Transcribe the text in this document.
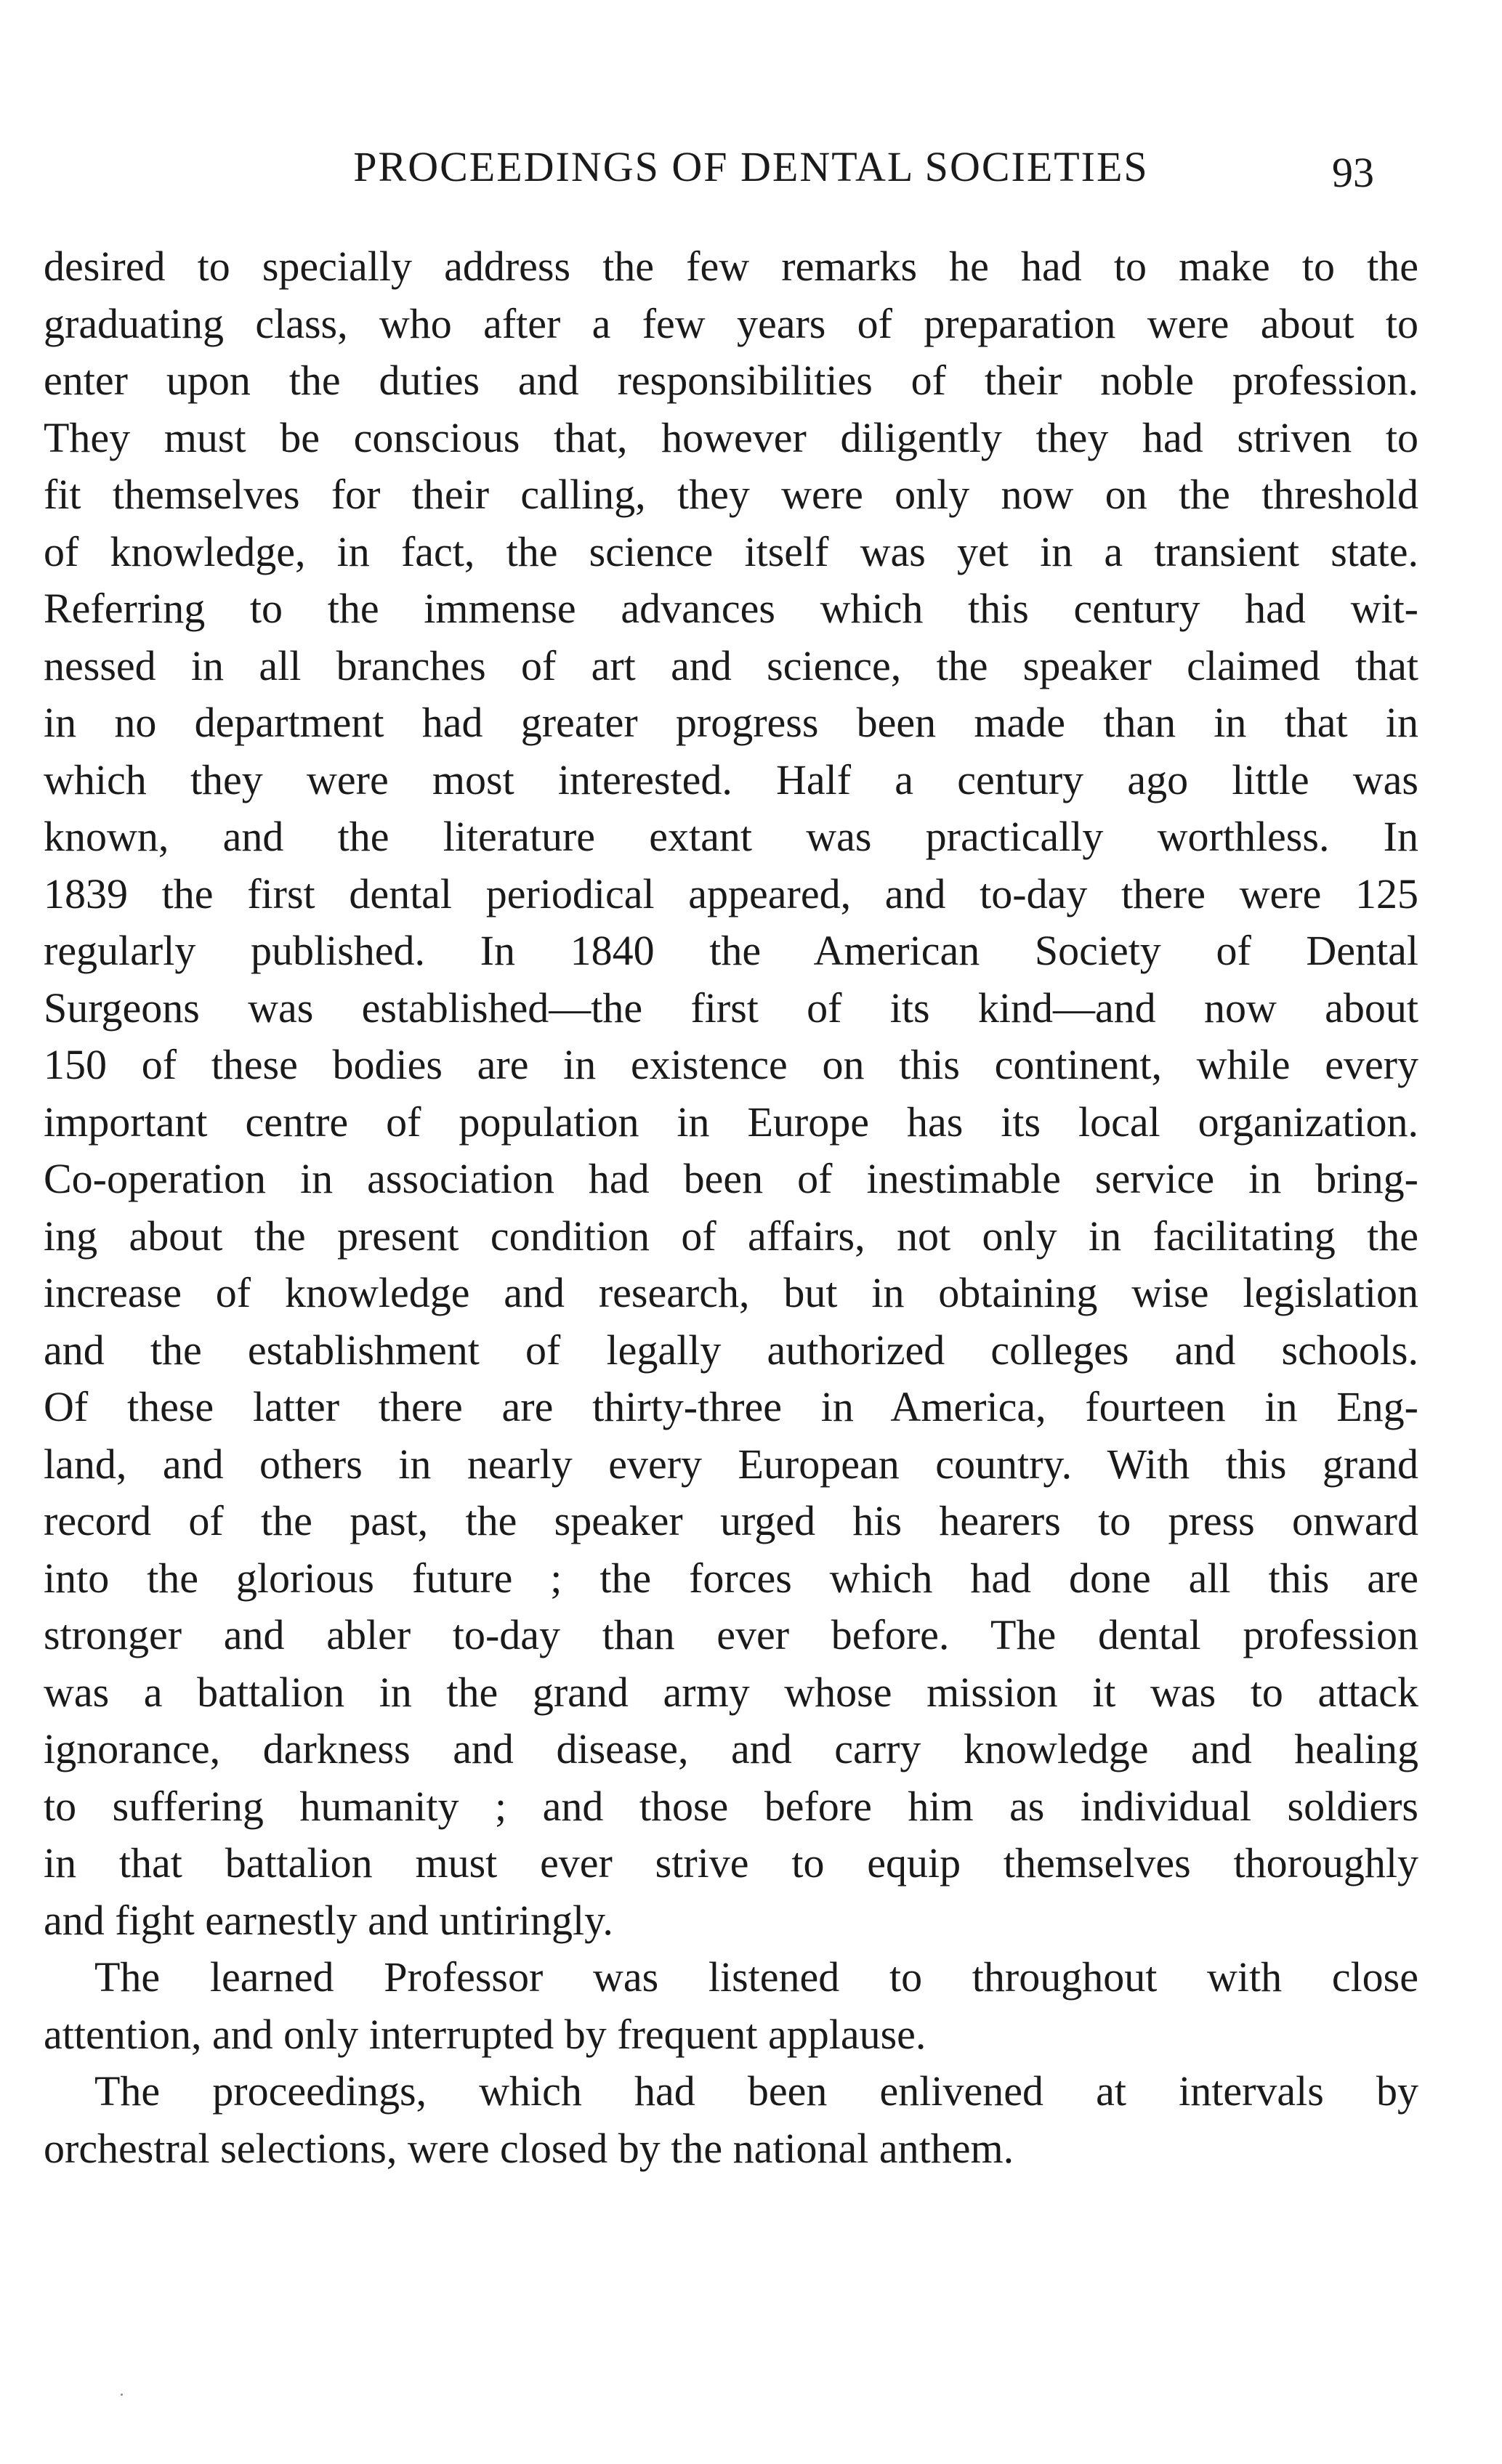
PROCEEDINGS OF DENTAL SOCIETIES	93
desired to specially address the few remarks he had to make to the
graduating class, who after a few years of preparation were about to
enter upon the duties and responsibilities of their noble profession.
They must be conscious that, however diligently they had striven to
fit themselves for their calling, they were only now on the threshold
of knowledge, in fact, the science itself was yet in a transient state.
Referring to the immense advances which this century had wit-
nessed in all branches of art and science, the speaker claimed that
in no department had greater progress been made than in that in
which they were most interested. Half a century ago little was
known, and the literature extant was practically worthless. In
1839 the first dental periodical appeared, and to-day there were 125
regularly published. In 1840 the American Society of Dental
Surgeons was established—the first of its kind—and now about
150 of these bodies are in existence on this continent, while every
important centre of population in Europe has its local organization.
Co-operation in association had been of inestimable service in bring-
ing about the present condition of affairs, not only in facilitating the
increase of knowledge and research, but in obtaining wise legislation
and the establishment of legally authorized colleges and schools.
Of these latter there are thirty-three in America, fourteen in Eng-
land, and others in nearly every European country. With this grand
record of the past, the speaker urged his hearers to press onward
into the glorious future ; the forces which had done all this are
stronger and abler to-day than ever before. The dental profession
was a battalion in the grand army whose mission it was to attack
ignorance, darkness and disease, and carry knowledge and healing
to suffering humanity ; and those before him as individual soldiers
in that battalion must ever strive to equip themselves thoroughly
and fight earnestly and untiringly.
The learned Professor was listened to throughout with close
attention, and only interrupted by frequent applause.
The proceedings, which had been enlivened at intervals by
orchestral selections, were closed by the national anthem.
